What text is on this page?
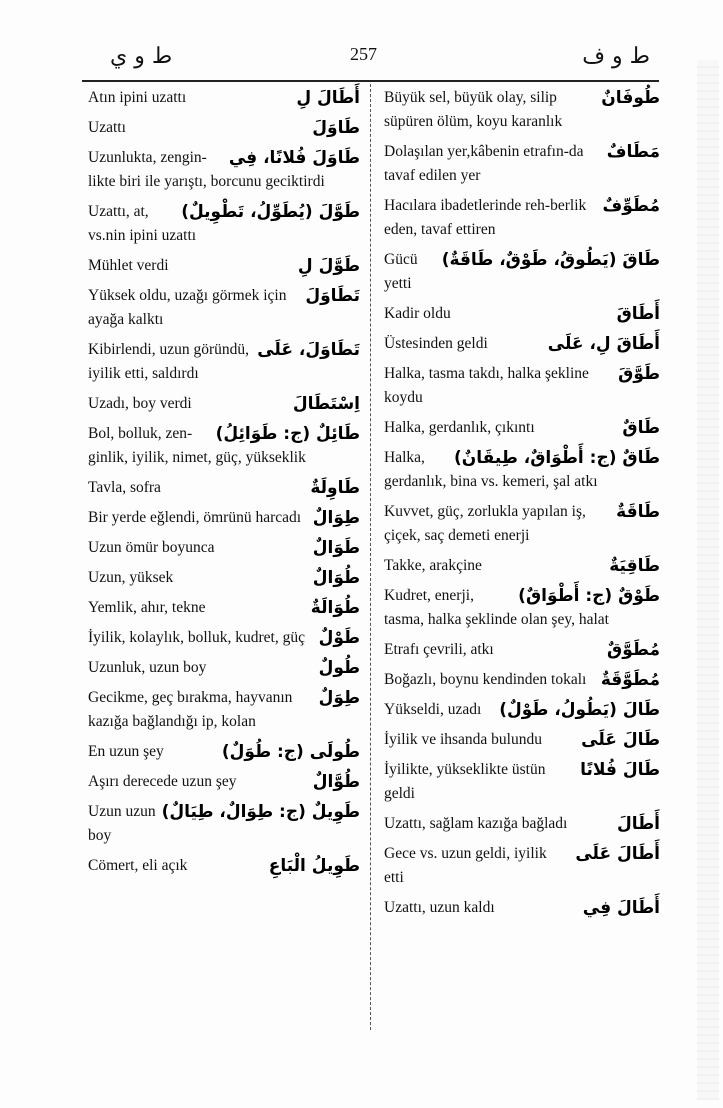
ط و ي	257	ط و ف
أَطَالَ لِ
Atın ipini uzattı
طَاوَلَ
Uzattı
طَاوَلَ فُلانًا، فِي
Uzunlukta, zengin-likte biri ile yarıştı, borcunu geciktirdi
طَوَّلَ (يُطَوِّلُ، تَطْوِيلٌ)
Uzattı, at, vs.nin ipini uzattı
طَوَّلَ لِ
Mühlet verdi
تَطَاوَلَ
Yüksek oldu, uzağı görmek için ayağa kalktı
تَطَاوَلَ، عَلَى
Kibirlendi, uzun göründü, iyilik etti, saldırdı
اِسْتَطَالَ
Uzadı, boy verdi
طَائِلٌ (ج: طَوَائِلُ)
Bol, bolluk, zen-ginlik, iyilik, nimet, güç, yükseklik
طَاوِلَةٌ
Tavla, sofra
طِوَالٌ
Bir yerde eğlendi, ömrünü harcadı
طَوَالٌ
Uzun ömür boyunca
طُوَالٌ
Uzun, yüksek
طُوَالَةٌ
Yemlik, ahır, tekne
طَوْلٌ
İyilik, kolaylık, bolluk, kudret, güç
طُولٌ
Uzunluk, uzun boy
طِوَلٌ
Gecikme, geç bırakma, hayvanın kazığa bağlandığı ip, kolan
طُولَى (ج: طُوَلٌ)
En uzun şey
طُوَّالٌ
Aşırı derecede uzun şey
طَوِيلٌ (ج: طِوَالٌ، طِيَالٌ)
Uzun uzun boy
طَوِيلُ الْبَاعِ
Cömert, eli açık
طُوفَانٌ
Büyük sel, büyük olay, silip süpüren ölüm, koyu karanlık
مَطَافٌ
Dolaşılan yer,kâbenin etrafın-da tavaf edilen yer
مُطَوِّفٌ
Hacılara ibadetlerinde reh-berlik eden, tavaf ettiren
طَاقَ (يَطُوقُ، طَوْقٌ، طَاقَةٌ)
Gücü yetti
أَطَاقَ
Kadir oldu
أَطَاقَ لِ، عَلَى
Üstesinden geldi
طَوَّقَ
Halka, tasma takdı, halka şekline koydu
طَاقٌ
Halka, gerdanlık, çıkıntı
طَاقٌ (ج: أَطْوَاقٌ، طِيقَانٌ)
Halka, gerdanlık, bina vs. kemeri, şal atkı
طَاقَةٌ
Kuvvet, güç, zorlukla yapılan iş, çiçek, saç demeti enerji
طَاقِيَةٌ
Takke, arakçine
طَوْقٌ (ج: أَطْوَاقٌ)
Kudret, enerji, tasma, halka şeklinde olan şey, halat
مُطَوَّقٌ
Etrafı çevrili, atkı
مُطَوَّقَةٌ
Boğazlı, boynu kendinden tokalı
طَالَ (يَطُولُ، طَوْلٌ)
Yükseldi, uzadı
طَالَ عَلَى
İyilik ve ihsanda bulundu
طَالَ فُلانًا
İyilikte, yükseklikte üstün geldi
أَطَالَ
Uzattı, sağlam kazığa bağladı
أَطَالَ عَلَى
Gece vs. uzun geldi, iyilik etti
أَطَالَ فِي
Uzattı, uzun kaldı
